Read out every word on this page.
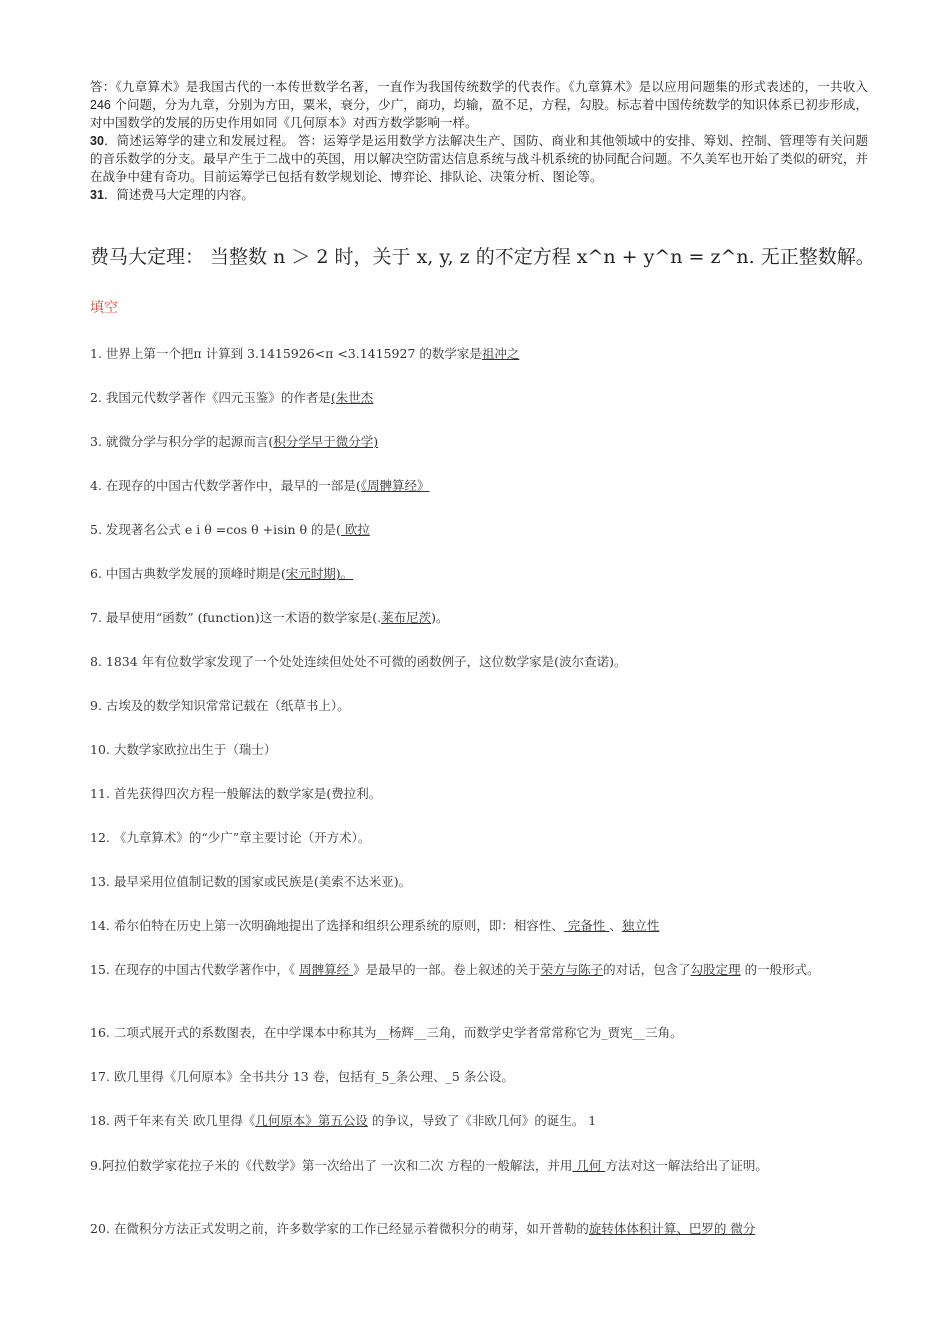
答：《九章算术》是我国古代的一本传世数学名著，一直作为我国传统数学的代表作。《九章算术》是以应用问题集的形式表述的，一共收入 246 个问题，分为九章，分别为方田，粟米，衰分，少广，商功，均输，盈不足，方程，勾股。标志着中国传统数学的知识体系已初步形成，对中国数学的发展的历史作用如同《几何原本》对西方数学影响一样。

30．简述运筹学的建立和发展过程。 答：运筹学是运用数学方法解决生产、国防、商业和其他领域中的安排、筹划、控制、管理等有关问题的音乐数学的分支。最早产生于二战中的英国，用以解决空防雷达信息系统与战斗机系统的协同配合问题。不久美军也开始了类似的研究，并在战争中建有奇功。目前运筹学已包括有数学规划论、博弈论、排队论、决策分析、图论等。

31．简述费马大定理的内容。

费马大定理： 当整数 n ＞ 2 时，关于 x, y, z 的不定方程 x^n + y^n = z^n. 无正整数解。
填空
1. 世界上第一个把π 计算到 3.1415926<π <3.1415927 的数学家是祖冲之
2. 我国元代数学著作《四元玉鉴》的作者是(朱世杰
3. 就微分学与积分学的起源而言(积分学早于微分学)
4. 在现存的中国古代数学著作中，最早的一部是(《周髀算经》
5. 发现著名公式 e i θ =cos θ +isin θ 的是( 欧拉
6. 中国古典数学发展的顶峰时期是(宋元时期)。
7. 最早使用“函数” (function)这一术语的数学家是(.莱布尼茨)。
8. 1834 年有位数学家发现了一个处处连续但处处不可微的函数例子，这位数学家是(波尔查诺)。
9. 古埃及的数学知识常常记载在（纸草书上）。
10. 大数学家欧拉出生于（瑞士）
11. 首先获得四次方程一般解法的数学家是(费拉利。
12. 《九章算术》的“少广”章主要讨论（开方术）。
13. 最早采用位值制记数的国家或民族是(美索不达米亚)。
14. 希尔伯特在历史上第一次明确地提出了选择和组织公理系统的原则，即：相容性、 完备性 、独立性
15. 在现存的中国古代数学著作中，《 周髀算经 》是最早的一部。卷上叙述的关于荣方与陈子的对话，包含了勾股定理 的一般形式。
16. 二项式展开式的系数图表，在中学课本中称其为__杨辉__三角，而数学史学者常常称它为_贾宪__三角。
17. 欧几里得《几何原本》全书共分 13 卷，包括有_5_条公理、_5 条公设。
18. 两千年来有关 欧几里得《几何原本》第五公设 的争议，导致了《非欧几何》的诞生。 1
9.阿拉伯数学家花拉子米的《代数学》第一次给出了 一次和二次 方程的一般解法，并用 几何 方法对这一解法给出了证明。
20. 在微积分方法正式发明之前，许多数学家的工作已经显示着微积分的萌芽，如开普勒的旋转体体积计算、巴罗的 微分
